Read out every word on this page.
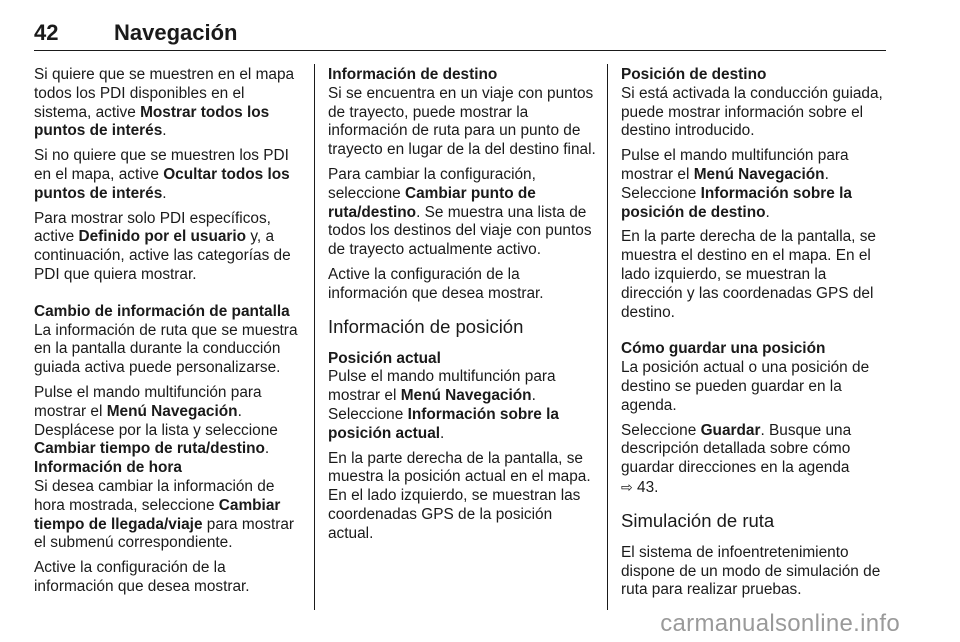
42	Navegación

Si quiere que se muestren en el mapa todos los PDI disponibles en el sistema, active Mostrar todos los puntos de interés.

Si no quiere que se muestren los PDI en el mapa, active Ocultar todos los puntos de interés.

Para mostrar solo PDI específicos, active Definido por el usuario y, a continuación, active las categorías de PDI que quiera mostrar.

Cambio de información de pantalla

La información de ruta que se muestra en la pantalla durante la conducción guiada activa puede personalizarse.

Pulse el mando multifunción para mostrar el Menú Navegación. Desplácese por la lista y seleccione Cambiar tiempo de ruta/destino.

Información de hora

Si desea cambiar la información de hora mostrada, seleccione Cambiar tiempo de llegada/viaje para mostrar el submenú correspondiente.

Active la configuración de la información que desea mostrar.

Información de destino

Si se encuentra en un viaje con puntos de trayecto, puede mostrar la información de ruta para un punto de trayecto en lugar de la del destino final.

Para cambiar la configuración, seleccione Cambiar punto de ruta/destino. Se muestra una lista de todos los destinos del viaje con puntos de trayecto actualmente activo.

Active la configuración de la información que desea mostrar.

Información de posición
Posición actual

Pulse el mando multifunción para mostrar el Menú Navegación. Seleccione Información sobre la posición actual.

En la parte derecha de la pantalla, se muestra la posición actual en el mapa. En el lado izquierdo, se muestran las coordenadas GPS de la posición actual.

Posición de destino

Si está activada la conducción guiada, puede mostrar información sobre el destino introducido.

Pulse el mando multifunción para mostrar el Menú Navegación. Seleccione Información sobre la posición de destino.

En la parte derecha de la pantalla, se muestra el destino en el mapa. En el lado izquierdo, se muestran la dirección y las coordenadas GPS del destino.

Cómo guardar una posición

La posición actual o una posición de destino se pueden guardar en la agenda.

Seleccione Guardar. Busque una descripción detallada sobre cómo guardar direcciones en la agenda
⇨ 43.

Simulación de ruta

El sistema de infoentretenimiento dispone de un modo de simulación de ruta para realizar pruebas.

carmanualsonline.info
